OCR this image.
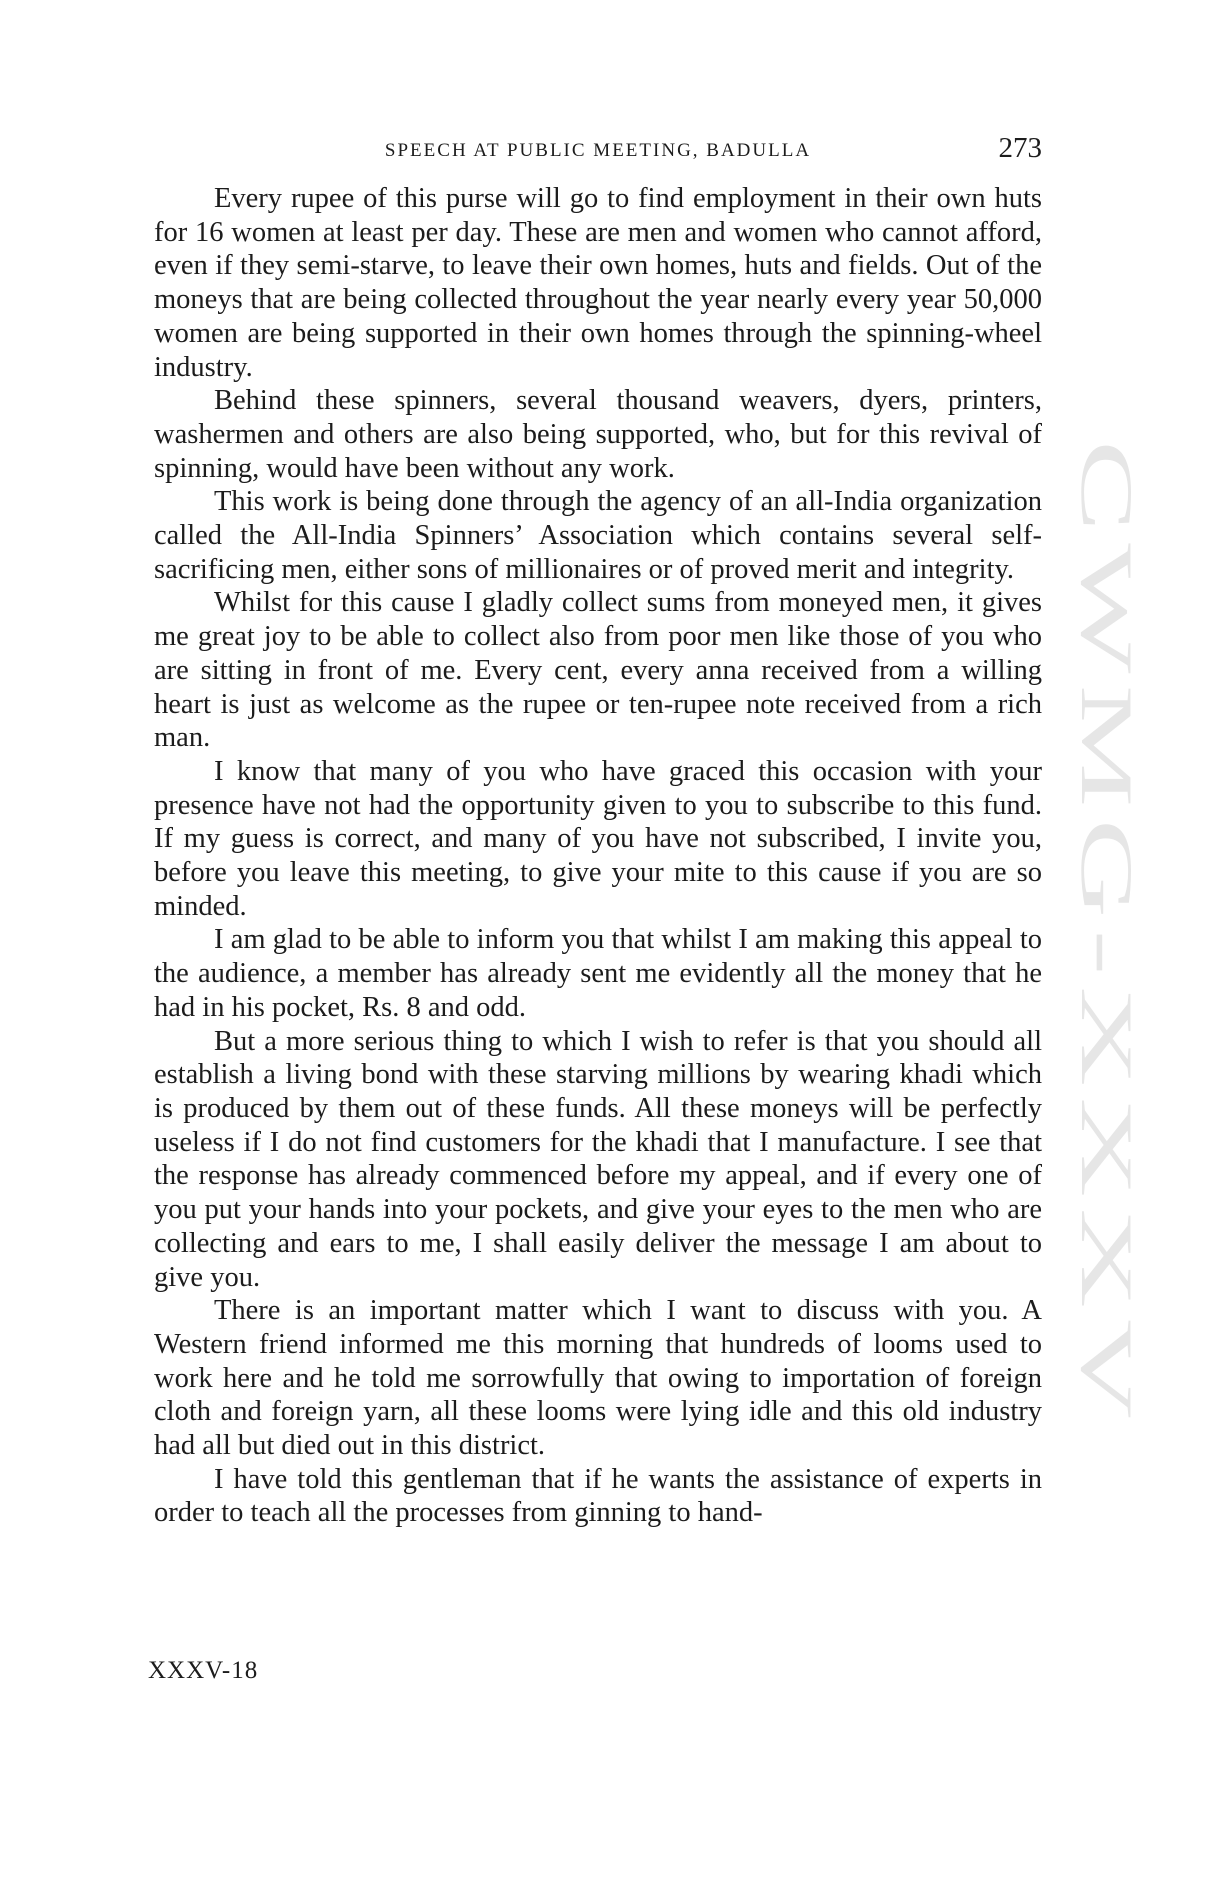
SPEECH AT PUBLIC MEETING, BADULLA	273

Every rupee of this purse will go to find employment in their own huts for 16 women at least per day. These are men and women who cannot afford, even if they semi-starve, to leave their own homes, huts and fields. Out of the moneys that are being collected throughout the year nearly every year 50,000 women are being supported in their own homes through the spinning-wheel industry.

Behind these spinners, several thousand weavers, dyers, printers, washermen and others are also being supported, who, but for this revival of spinning, would have been without any work.

This work is being done through the agency of an all-India organization called the All-India Spinners’ Association which contains several self-sacrificing men, either sons of millionaires or of proved merit and integrity.

Whilst for this cause I gladly collect sums from moneyed men, it gives me great joy to be able to collect also from poor men like those of you who are sitting in front of me. Every cent, every anna received from a willing heart is just as welcome as the rupee or ten-rupee note received from a rich man.

I know that many of you who have graced this occasion with your presence have not had the opportunity given to you to subscribe to this fund. If my guess is correct, and many of you have not subscribed, I invite you, before you leave this meeting, to give your mite to this cause if you are so minded.

I am glad to be able to inform you that whilst I am making this appeal to the audience, a member has already sent me evidently all the money that he had in his pocket, Rs. 8 and odd.

But a more serious thing to which I wish to refer is that you should all establish a living bond with these starving millions by wearing khadi which is produced by them out of these funds. All these moneys will be perfectly useless if I do not find customers for the khadi that I manufacture. I see that the response has already commenced before my appeal, and if every one of you put your hands into your pockets, and give your eyes to the men who are collecting and ears to me, I shall easily deliver the message I am about to give you.

There is an important matter which I want to discuss with you. A Western friend informed me this morning that hundreds of looms used to work here and he told me sorrowfully that owing to importation of foreign cloth and foreign yarn, all these looms were lying idle and this old industry had all but died out in this district.

I have told this gentleman that if he wants the assistance of experts in order to teach all the processes from ginning to hand-

XXXV-18
CWMG-XXXV
